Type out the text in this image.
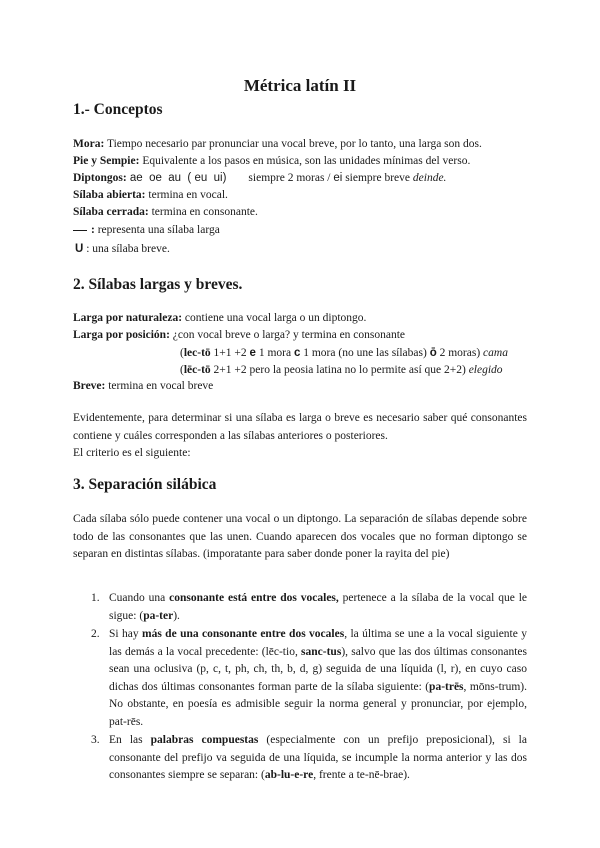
Métrica latín II
1.- Conceptos
Mora: Tiempo necesario par pronunciar una vocal breve, por lo tanto, una larga son dos.
Pie y Sempie: Equivalente a los pasos en música, son las unidades mínimas del verso.
Diptongos: ae  oe  au  ( eu  ui) siempre 2 moras / ei siempre breve deinde.
Sílaba abierta: termina en vocal.
Sílaba cerrada: termina en consonante.
: representa una sílaba larga
U : una sílaba breve.
2. Sílabas largas y breves.
Larga por naturaleza: contiene una vocal larga o un diptongo.
Larga por posición: ¿con vocal breve o larga? y termina en consonante
(lec-tō 1+1 +2 e 1 mora c 1 mora (no une las sílabas) ō 2 moras) cama
(lēc-tō 2+1 +2 pero la peosia latina no lo permite así que 2+2) elegido
Breve: termina en vocal breve

Evidentemente, para determinar si una sílaba es larga o breve es necesario saber qué consonantes contiene y cuáles corresponden a las sílabas anteriores o posteriores.

El criterio es el siguiente:

3. Separación silábica

Cada sílaba sólo puede contener una vocal o un diptongo. La separación de sílabas depende sobre todo de las consonantes que las unen. Cuando aparecen dos vocales que no forman diptongo se separan en distintas sílabas. (imporatante para saber donde poner la rayita del pie)

1. Cuando una consonante está entre dos vocales, pertenece a la sílaba de la vocal que le sigue: (pa-ter).
2. Si hay más de una consonante entre dos vocales, la última se une a la vocal siguiente y las demás a la vocal precedente: (lēc-tio, sanc-tus), salvo que las dos últimas consonantes sean una oclusiva (p, c, t, ph, ch, th, b, d, g) seguida de una líquida (l, r), en cuyo caso dichas dos últimas consonantes forman parte de la sílaba siguiente: (pa-trēs, mōns-trum). No obstante, en poesía es admisible seguir la norma general y pronunciar, por ejemplo, pat-rēs.
3. En las palabras compuestas (especialmente con un prefijo preposicional), si la consonante del prefijo va seguida de una líquida, se incumple la norma anterior y las dos consonantes siempre se separan: (ab-lu-e-re, frente a te-nē-brae).
